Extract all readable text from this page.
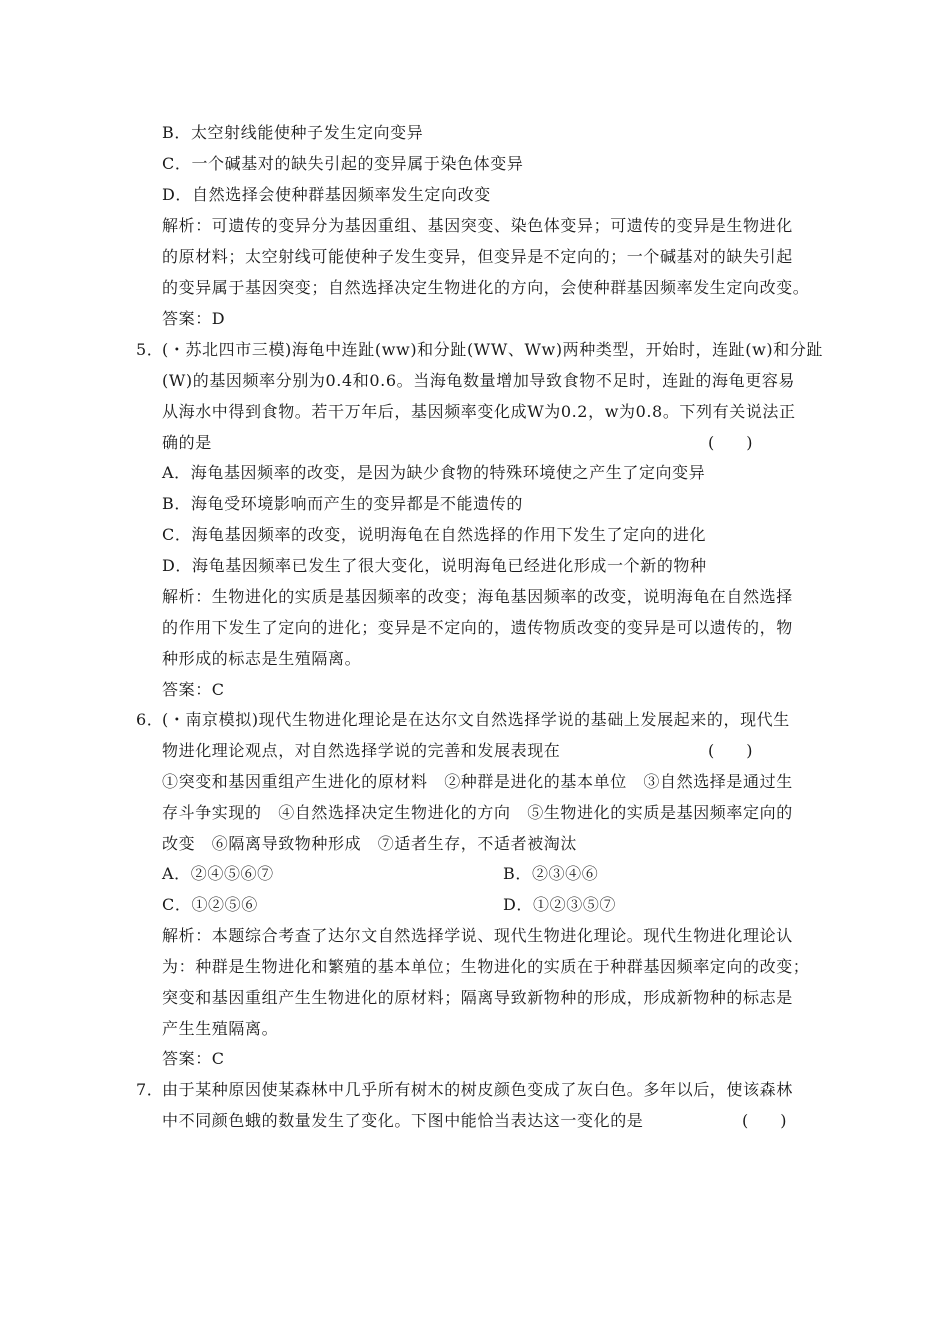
B．太空射线能使种子发生定向变异
C．一个碱基对的缺失引起的变异属于染色体变异
D．自然选择会使种群基因频率发生定向改变
解析：可遗传的变异分为基因重组、基因突变、染色体变异；可遗传的变异是生物进化
的原材料；太空射线可能使种子发生变异，但变异是不定向的；一个碱基对的缺失引起
的变异属于基因突变；自然选择决定生物进化的方向，会使种群基因频率发生定向改变。
答案：D
5．
(・苏北四市三模)海龟中连趾(ww)和分趾(WW、Ww)两种类型，开始时，连趾(w)和分趾
(W)的基因频率分别为0.4和0.6。当海龟数量增加导致食物不足时，连趾的海龟更容易
从海水中得到食物。若干万年后，基因频率变化成W为0.2，w为0.8。下列有关说法正
确的是	(　　)
A．海龟基因频率的改变，是因为缺少食物的特殊环境使之产生了定向变异
B．海龟受环境影响而产生的变异都是不能遗传的
C．海龟基因频率的改变，说明海龟在自然选择的作用下发生了定向的进化
D．海龟基因频率已发生了很大变化，说明海龟已经进化形成一个新的物种
解析：生物进化的实质是基因频率的改变；海龟基因频率的改变，说明海龟在自然选择
的作用下发生了定向的进化；变异是不定向的，遗传物质改变的变异是可以遗传的，物
种形成的标志是生殖隔离。
答案：C
6．
(・南京模拟)现代生物进化理论是在达尔文自然选择学说的基础上发展起来的，现代生
物进化理论观点，对自然选择学说的完善和发展表现在	(　　)
①突变和基因重组产生进化的原材料　②种群是进化的基本单位　③自然选择是通过生
存斗争实现的　④自然选择决定生物进化的方向　⑤生物进化的实质是基因频率定向的
改变　⑥隔离导致物种形成　⑦适者生存，不适者被淘汰
A．②④⑤⑥⑦	B．②③④⑥
C．①②⑤⑥	D．①②③⑤⑦
解析：本题综合考查了达尔文自然选择学说、现代生物进化理论。现代生物进化理论认
为：种群是生物进化和繁殖的基本单位；生物进化的实质在于种群基因频率定向的改变；
突变和基因重组产生生物进化的原材料；隔离导致新物种的形成，形成新物种的标志是
产生生殖隔离。
答案：C
7．
由于某种原因使某森林中几乎所有树木的树皮颜色变成了灰白色。多年以后，使该森林
中不同颜色蛾的数量发生了变化。下图中能恰当表达这一变化的是	(　　)
